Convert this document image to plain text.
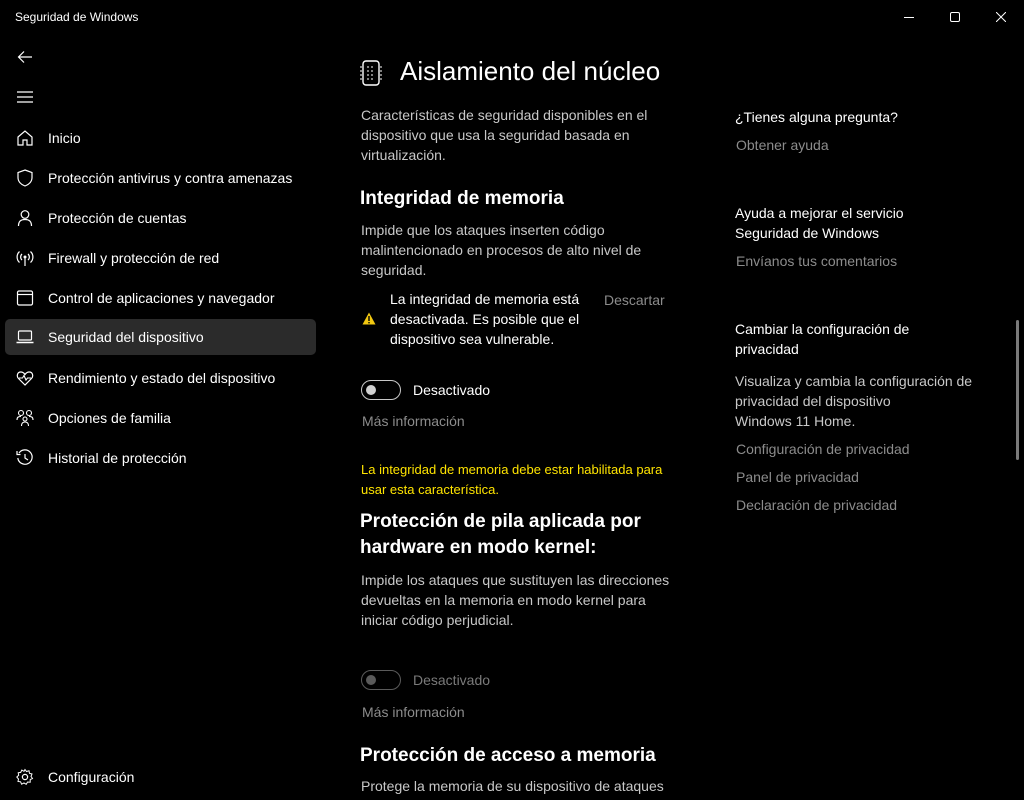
Seguridad de Windows
Inicio
Protección antivirus y contra amenazas
Protección de cuentas
Firewall y protección de red
Control de aplicaciones y navegador
Seguridad del dispositivo
Rendimiento y estado del dispositivo
Opciones de familia
Historial de protección
Configuración
Aislamiento del núcleo
Características de seguridad disponibles en el
dispositivo que usa la seguridad basada en
virtualización.
Integridad de memoria
Impide que los ataques inserten código
malintencionado en procesos de alto nivel de
seguridad.
La integridad de memoria está
desactivada. Es posible que el
dispositivo sea vulnerable.
Descartar
Desactivado
Más información
La integridad de memoria debe estar habilitada para
usar esta característica.
Protección de pila aplicada por
hardware en modo kernel:
Impide los ataques que sustituyen las direcciones
devueltas en la memoria en modo kernel para
iniciar código perjudicial.
Desactivado
Más información
Protección de acceso a memoria
Protege la memoria de su dispositivo de ataques
¿Tienes alguna pregunta?
Obtener ayuda
Ayuda a mejorar el servicio
Seguridad de Windows
Envíanos tus comentarios
Cambiar la configuración de
privacidad
Visualiza y cambia la configuración de
privacidad del dispositivo
Windows 11 Home.
Configuración de privacidad
Panel de privacidad
Declaración de privacidad
